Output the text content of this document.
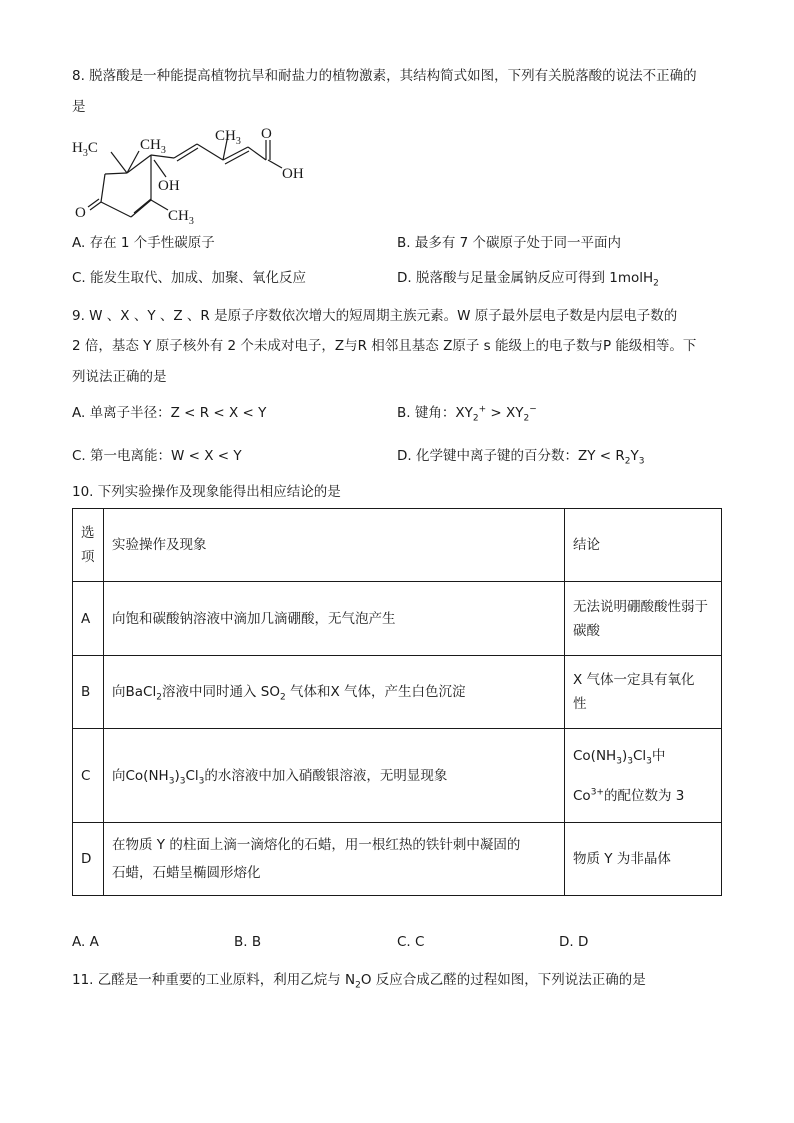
8. 脱落酸是一种能提高植物抗旱和耐盐力的植物激素，其结构简式如图，下列有关脱落酸的说法不正确的
是
$H_3C$	$CH_3$
$CH_3$
$CH_3$
OH
O
OH
O
A. 存在 1 个手性碳原子	B. 最多有 7 个碳原子处于同一平面内
C. 能发生取代、加成、加聚、氧化反应	D. 脱落酸与足量金属钠反应可得到 1molH$_2$
9. W 、X 、Y 、Z 、R 是原子序数依次增大的短周期主族元素。W 原子最外层电子数是内层电子数的
2 倍，基态 Y 原子核外有 2 个未成对电子，Z与R 相邻且基态 Z原子 s 能级上的电子数与P 能级相等。下
列说法正确的是
A. 单离子半径：Z < R < X < Y	B. 键角：$XY_2^+ > XY_2^-$
C. 第一电离能：W < X < Y	D. 化学键中离子键的百分数：ZY < $R_2Y_3$
10. 下列实验操作及现象能得出相应结论的是
选
项	实验操作及现象	结论
A	向饱和碳酸钠溶液中滴加几滴硼酸，无气泡产生	无法说明硼酸酸性弱于
碳酸
B	向BaCl$_2$溶液中同时通入 $SO_2$ 气体和X 气体，产生白色沉淀	X 气体一定具有氧化
性
C	向$Co(NH_3)_3Cl_3$的水溶液中加入硝酸银溶液，无明显现象	$Co(NH_3)_3Cl_3$中
$Co^{3+}$的配位数为 3
D	在物质 Y 的柱面上滴一滴熔化的石蜡，用一根红热的铁针刺中凝固的
石蜡，石蜡呈椭圆形熔化	物质 Y 为非晶体
A. A	B. B	C. C	D. D
11. 乙醛是一种重要的工业原料，利用乙烷与 $N_2O$ 反应合成乙醛的过程如图，下列说法正确的是
